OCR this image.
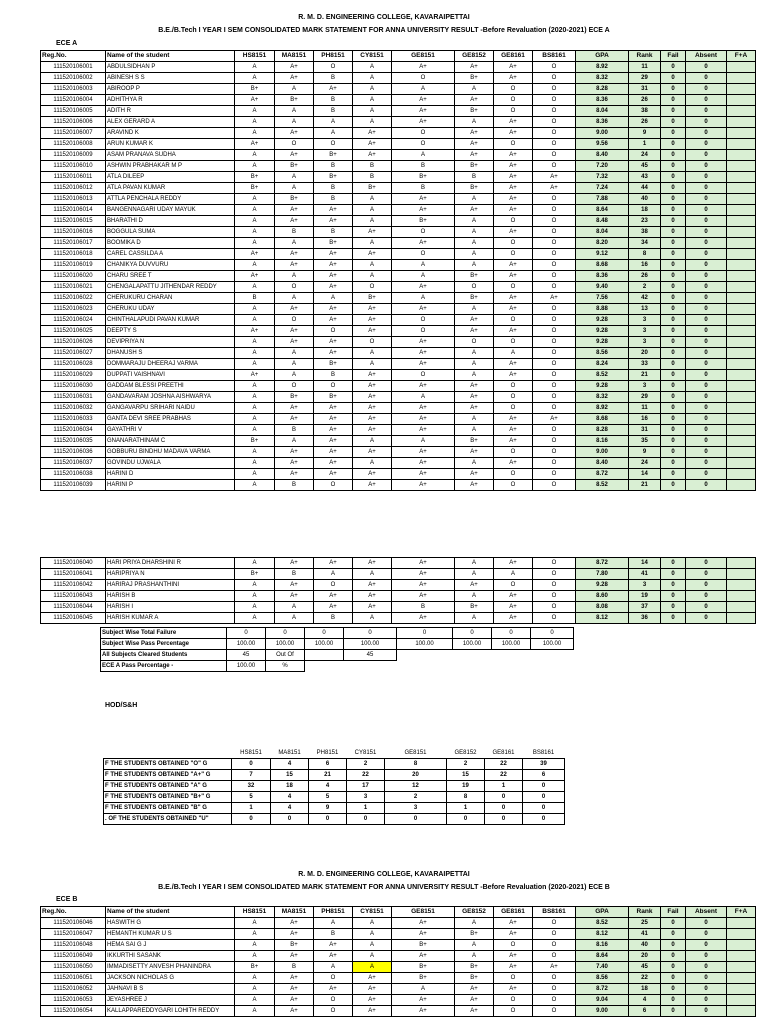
R. M. D. ENGINEERING COLLEGE, KAVARAIPETTAI
B.E./B.Tech I YEAR I SEM CONSOLIDATED MARK STATEMENT FOR ANNA UNIVERSITY RESULT -Before Revaluation (2020-2021) ECE A
ECE A
Reg.No.	Name of the student	HS8151	MA8151	PH8151	CY8151	GE8151	GE8152	GE8161	BS8161	GPA	Rank	Fail	Absent	F+A
111520106001	ABDULSIDHAN P	A	A+	O	A	A+	A+	A+	O	8.92	11	0	0	
111520106002	ABINESH S S	A	A+	B	A	O	B+	A+	O	8.32	29	0	0	
111520106003	ABIROOP P	B+	A	A+	A	A	A	O	O	8.28	31	0	0	
111520106004	ADHITHYA R	A+	B+	B	A	A+	A+	O	O	8.36	26	0	0	
111520106005	ADITH R	A	A	B	A	A+	B+	O	O	8.04	38	0	0	
111520106006	ALEX GERARD A	A	A	A	A	A+	A	A+	O	8.36	26	0	0	
111520106007	ARAVIND K	A	A+	A	A+	O	A+	A+	O	9.00	9	0	0	
111520106008	ARUN KUMAR K	A+	O	O	A+	O	A+	O	O	9.56	1	0	0	
111520106009	ASAM PRANAVA SUDHA	A	A+	B+	A+	A	A+	A+	O	8.40	24	0	0	
111520106010	ASHWIN PRABHAKAR M P	A	B+	B	B	B	B+	A+	O	7.20	45	0	0	
111520106011	ATLA DILEEP	B+	A	B+	B	B+	B	A+	A+	7.32	43	0	0	
111520106012	ATLA PAVAN KUMAR	B+	A	B	B+	B	B+	A+	A+	7.24	44	0	0	
111520106013	ATTLA PENCHALA REDDY	A	B+	B	A	A+	A	A+	O	7.88	40	0	0	
111520106014	BANGENNAGARI UDAY MAYUK	A	A+	A+	A	A+	A+	A+	O	8.64	18	0	0	
111520106015	BHARATHI D	A	A+	A+	A	B+	A	O	O	8.48	23	0	0	
111520106016	BOGGULA SUMA	A	B	B	A+	O	A	A+	O	8.04	38	0	0	
111520106017	BOOMIKA D	A	A	B+	A	A+	A	O	O	8.20	34	0	0	
111520106018	CAREL CASSILDA A	A+	A+	A+	A+	O	A	O	O	9.12	8	0	0	
111520106019	CHANIKYA DUVVURU	A	A+	A+	A	A	A	A+	O	8.68	16	0	0	
111520106020	CHARU SREE T	A+	A	A+	A	A	B+	A+	O	8.36	26	0	0	
111520106021	CHENGALAPATTU JITHENDAR REDDY	A	O	A+	O	A+	O	O	O	9.40	2	0	0	
111520106022	CHERUKURU CHARAN	B	A	A	B+	A	B+	A+	A+	7.56	42	0	0	
111520106023	CHERUKU UDAY	A	A+	A+	A+	A+	A	A+	O	8.88	13	0	0	
111520106024	CHINTHALAPUDI PAVAN KUMAR	A	O	A+	A+	O	A+	O	O	9.28	3	0	0	
111520106025	DEEPTY S	A+	A+	O	A+	O	A+	A+	O	9.28	3	0	0	
111520106026	DEVIPRIYA N	A	A+	A+	O	A+	O	O	O	9.28	3	0	0	
111520106027	DHANUSH S	A	A	A+	A	A+	A	A	O	8.56	20	0	0	
111520106028	DOMMARAJU DHEERAJ VARMA	A	A	B+	A	A+	A	A+	O	8.24	33	0	0	
111520106029	DUPPATI VAISHNAVI	A+	A	B	A+	O	A	A+	O	8.52	21	0	0	
111520106030	GADDAM BLESSI PREETHI	A	O	O	A+	A+	A+	O	O	9.28	3	0	0	
111520106031	GANDAVARAM JOSHNA AISHWARYA	A	B+	B+	A+	A	A+	O	O	8.32	29	0	0	
111520106032	GANGAVARPU SRIHARI NAIDU	A	A+	A+	A+	A+	A+	O	O	8.92	11	0	0	
111520106033	GANTA DEVI SREE PRABHAS	A	A+	A+	A+	A+	A	A+	A+	8.68	16	0	0	
111520106034	GAYATHRI V	A	B	A+	A+	A+	A	A+	O	8.28	31	0	0	
111520106035	GNANARATHINAM C	B+	A	A+	A	A	B+	A+	O	8.16	35	0	0	
111520106036	GOBBURU BINDHU MADAVA VARMA	A	A+	A+	A+	A+	A+	O	O	9.00	9	0	0	
111520106037	GOVINDU UJWALA	A	A+	A+	A	A+	A	A+	O	8.40	24	0	0	
111520106038	HARINI D	A	A+	A+	A+	A+	A+	O	O	8.72	14	0	0	
111520106039	HARINI P	A	B	O	A+	A+	A+	O	O	8.52	21	0	0	
111520106040	HARI PRIYA DHARSHINI R	A	A+	A+	A+	A+	A	A+	O	8.72	14	0	0	
111520106041	HARIPRIYA N	B+	B	A	A	A+	A	A	O	7.80	41	0	0	
111520106042	HARIRAJ PRASHANTHINI	A	A+	O	A+	A+	A+	O	O	9.28	3	0	0	
111520106043	HARISH B	A	A+	A+	A+	A+	A	A+	O	8.60	19	0	0	
111520106044	HARISH I	A	A	A+	A+	B	B+	A+	O	8.08	37	0	0	
111520106045	HARISH KUMAR A	A	A	B	A	A+	A	A+	O	8.12	36	0	0	
	Subject Wise Total Failure	0	0	0	0	0	0	0	0
	Subject Wise Pass Percentage	100.00	100.00	100.00	100.00	100.00	100.00	100.00	100.00
	All Subjects Cleared Students	45	Out Of		45				
	ECE A Pass Percentage -	100.00	%						
HOD/S&H
	HS8151	MA8151	PH8151	CY8151	GE8151	GE8152	GE8161	BS8161
F THE STUDENTS OBTAINED "O" G	0	4	6	2	8	2	22	39
F THE STUDENTS OBTAINED "A+" G	7	15	21	22	20	15	22	6
F THE STUDENTS OBTAINED "A" G	32	18	4	17	12	19	1	0
F THE STUDENTS OBTAINED "B+" G	5	4	5	3	2	8	0	0
F THE STUDENTS OBTAINED "B" G	1	4	9	1	3	1	0	0
. OF THE STUDENTS OBTAINED "U"	0	0	0	0	0	0	0	0
R. M. D. ENGINEERING COLLEGE, KAVARAIPETTAI
B.E./B.Tech I YEAR I SEM CONSOLIDATED MARK STATEMENT FOR ANNA UNIVERSITY RESULT -Before Revaluation (2020-2021) ECE B
ECE B
Reg.No.	Name of the student	HS8151	MA8151	PH8151	CY8151	GE8151	GE8152	GE8161	BS8161	GPA	Rank	Fail	Absent	F+A
111520106046	HASWITH G	A	A+	A	A	A+	A	A+	O	8.52	25	0	0	
111520106047	HEMANTH KUMAR U S	A	A+	B	A	A+	B+	A+	O	8.12	41	0	0	
111520106048	HEMA SAI G J	A	B+	A+	A	B+	A	O	O	8.16	40	0	0	
111520106049	IKKURTHI SASANK	A	A+	A+	A	A+	A	A+	O	8.64	20	0	0	
111520106050	IMMADISETTY ANVESH PHANINDRA	B+	B	A	A	B+	B+	A+	A+	7.40	45	0	0	
111520106051	JACKSON NICHOLAS G	A	A+	O	A+	B+	B+	O	O	8.56	22	0	0	
111520106052	JAHNAVI B S	A	A+	A+	A+	A	A+	A+	O	8.72	18	0	0	
111520106053	JEYASHREE J	A	A+	O	A+	A+	A+	O	O	9.04	4	0	0	
111520106054	KALLAPPAREDDYGARI LOHITH REDDY	A	A+	O	A+	A+	A+	O	O	9.00	6	0	0	
